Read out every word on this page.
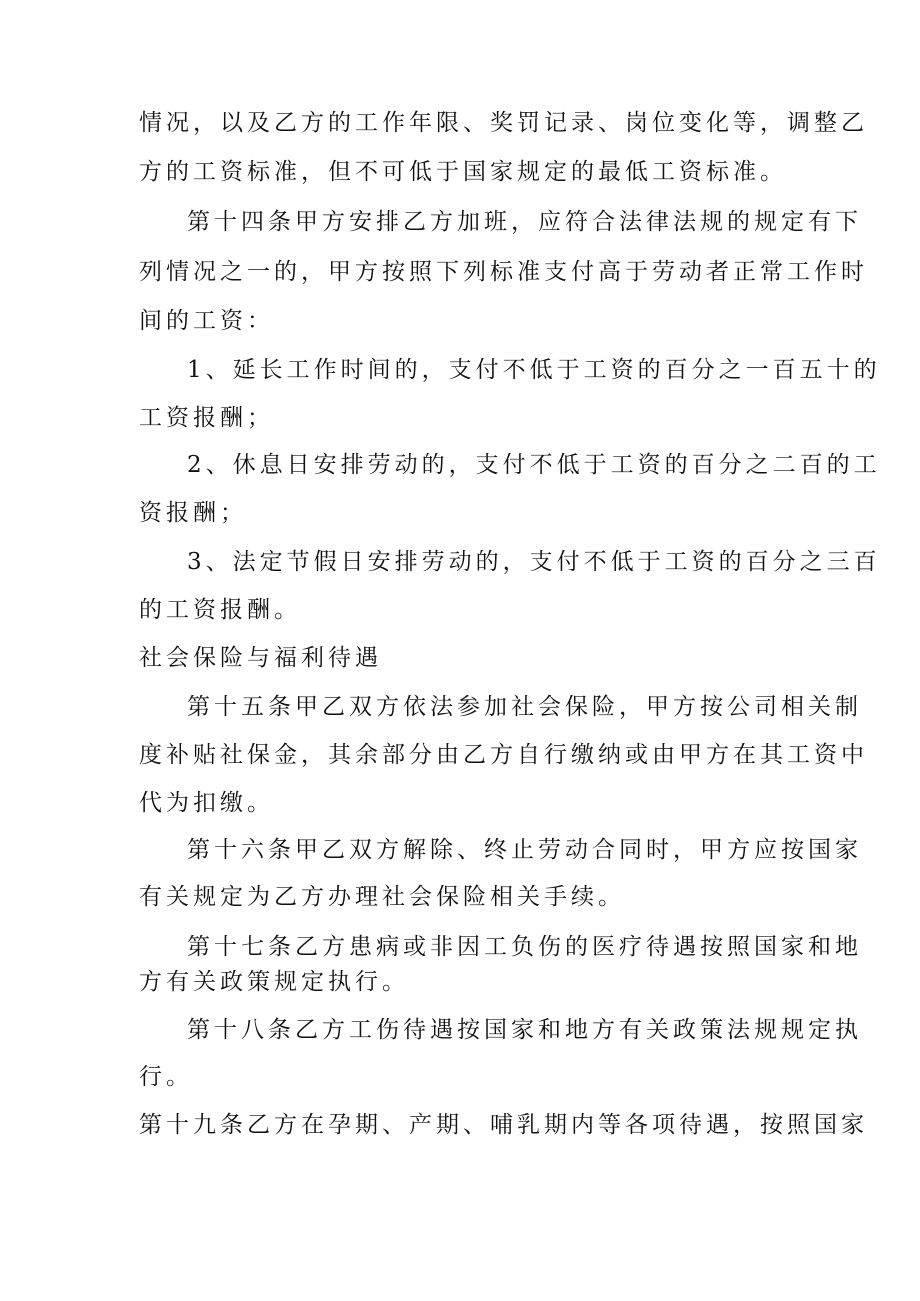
情况，以及乙方的工作年限、奖罚记录、岗位变化等，调整乙
方的工资标准，但不可低于国家规定的最低工资标准。
第十四条甲方安排乙方加班，应符合法律法规的规定有下
列情况之一的，甲方按照下列标准支付高于劳动者正常工作时
间的工资：
1、延长工作时间的，支付不低于工资的百分之一百五十的
工资报酬；
2、休息日安排劳动的，支付不低于工资的百分之二百的工
资报酬；
3、法定节假日安排劳动的，支付不低于工资的百分之三百
的工资报酬。
社会保险与福利待遇
第十五条甲乙双方依法参加社会保险，甲方按公司相关制
度补贴社保金，其余部分由乙方自行缴纳或由甲方在其工资中
代为扣缴。
第十六条甲乙双方解除、终止劳动合同时，甲方应按国家
有关规定为乙方办理社会保险相关手续。
第十七条乙方患病或非因工负伤的医疗待遇按照国家和地
方有关政策规定执行。
第十八条乙方工伤待遇按国家和地方有关政策法规规定执
行。
第十九条乙方在孕期、产期、哺乳期内等各项待遇，按照国家
